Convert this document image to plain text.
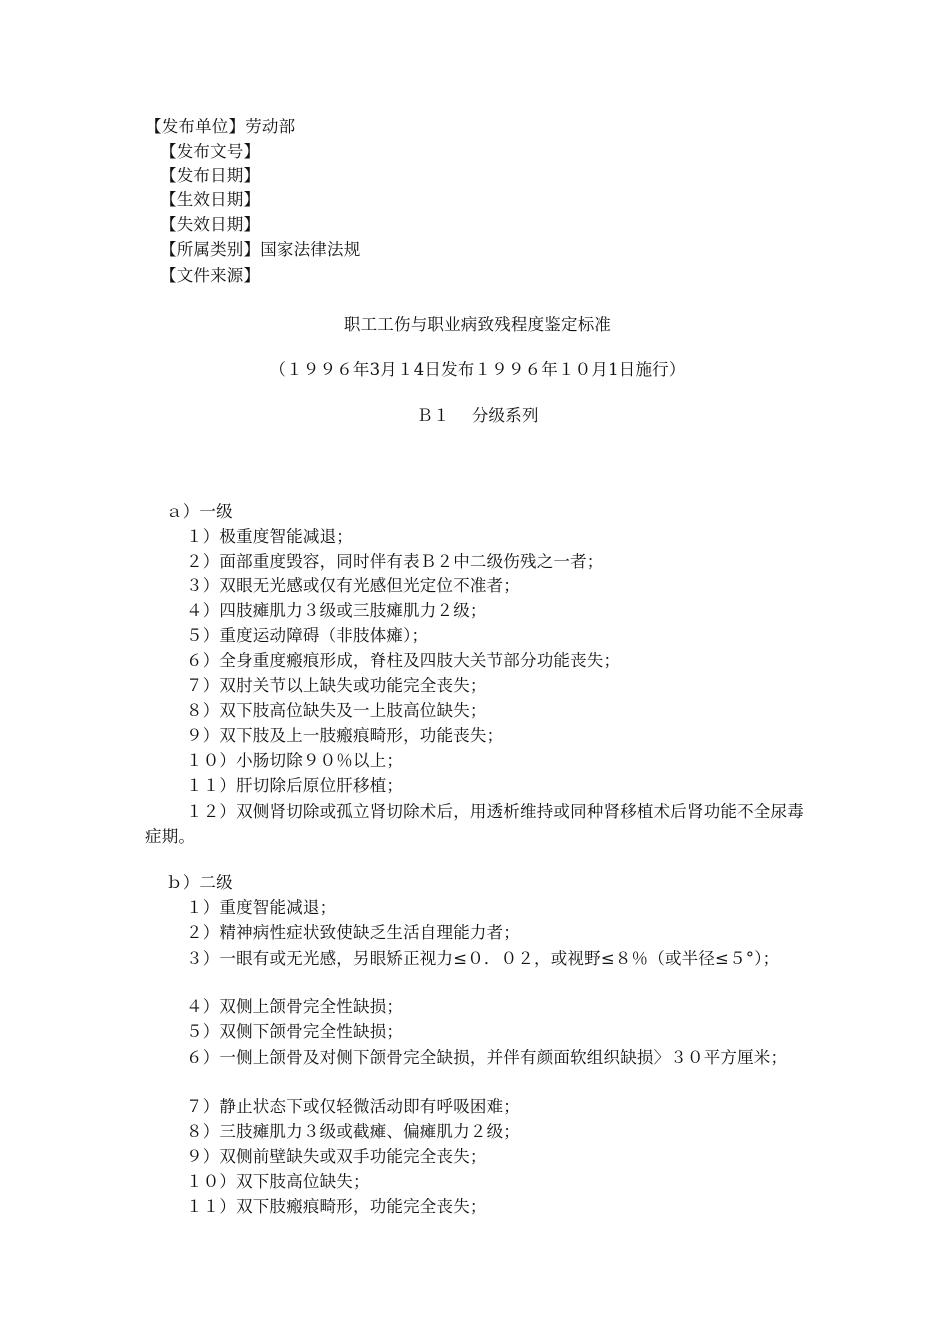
【发布单位】劳动部
【发布文号】
【发布日期】
【生效日期】
【失效日期】
【所属类别】国家法律法规
【文件来源】
职工工伤与职业病致残程度鉴定标准
（１９９６年3月１4日发布１９９６年１０月1日施行）
Ｂ１　 分级系列
ａ）一级
１）极重度智能减退；
２）面部重度毁容，同时伴有表Ｂ２中二级伤残之一者；
３）双眼无光感或仅有光感但光定位不准者；
４）四肢瘫肌力３级或三肢瘫肌力２级；
５）重度运动障碍（非肢体瘫）；
６）全身重度瘢痕形成，脊柱及四肢大关节部分功能丧失；
７）双肘关节以上缺失或功能完全丧失；
８）双下肢高位缺失及一上肢高位缺失；
９）双下肢及上一肢瘢痕畸形，功能丧失；
１０）小肠切除９０％以上；
１１）肝切除后原位肝移植；
１２）双侧肾切除或孤立肾切除术后，用透析维持或同种肾移植术后肾功能不全尿毒症期。
ｂ）二级
１）重度智能减退；
２）精神病性症状致使缺乏生活自理能力者；
３）一眼有或无光感，另眼矫正视力≤０．０２，或视野≤８％（或半径≤５°）；
４）双侧上颌骨完全性缺损；
５）双侧下颌骨完全性缺损；
６）一侧上颌骨及对侧下颌骨完全缺损，并伴有颜面软组织缺损〉３０平方厘米；
７）静止状态下或仅轻微活动即有呼吸困难；
８）三肢瘫肌力３级或截瘫、偏瘫肌力２级；
９）双侧前壁缺失或双手功能完全丧失；
１０）双下肢高位缺失；
１１）双下肢瘢痕畸形，功能完全丧失；
